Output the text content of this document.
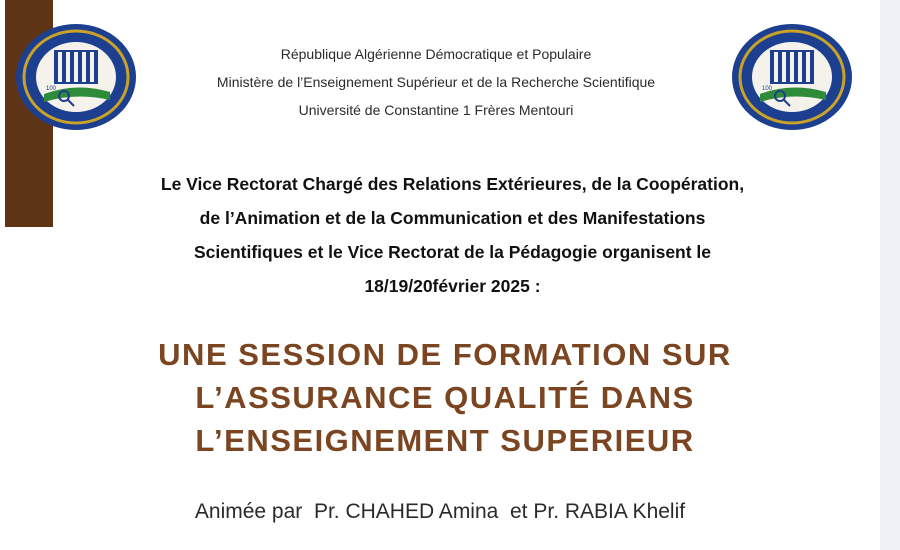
100	100
République Algérienne Démocratique et Populaire
Ministère de l’Enseignement Supérieur et de la Recherche Scientifique
Université de Constantine 1 Frères Mentouri
Le Vice Rectorat Chargé des Relations Extérieures, de la Coopération,
de l’Animation et de la Communication et des Manifestations
Scientifiques et le Vice Rectorat de la Pédagogie organisent le
18/19/20février 2025 :
UNE SESSION DE FORMATION SUR
L’ASSURANCE QUALITÉ DANS
L’ENSEIGNEMENT SUPERIEUR
Animée par  Pr. CHAHED Amina  et Pr. RABIA Khelif
